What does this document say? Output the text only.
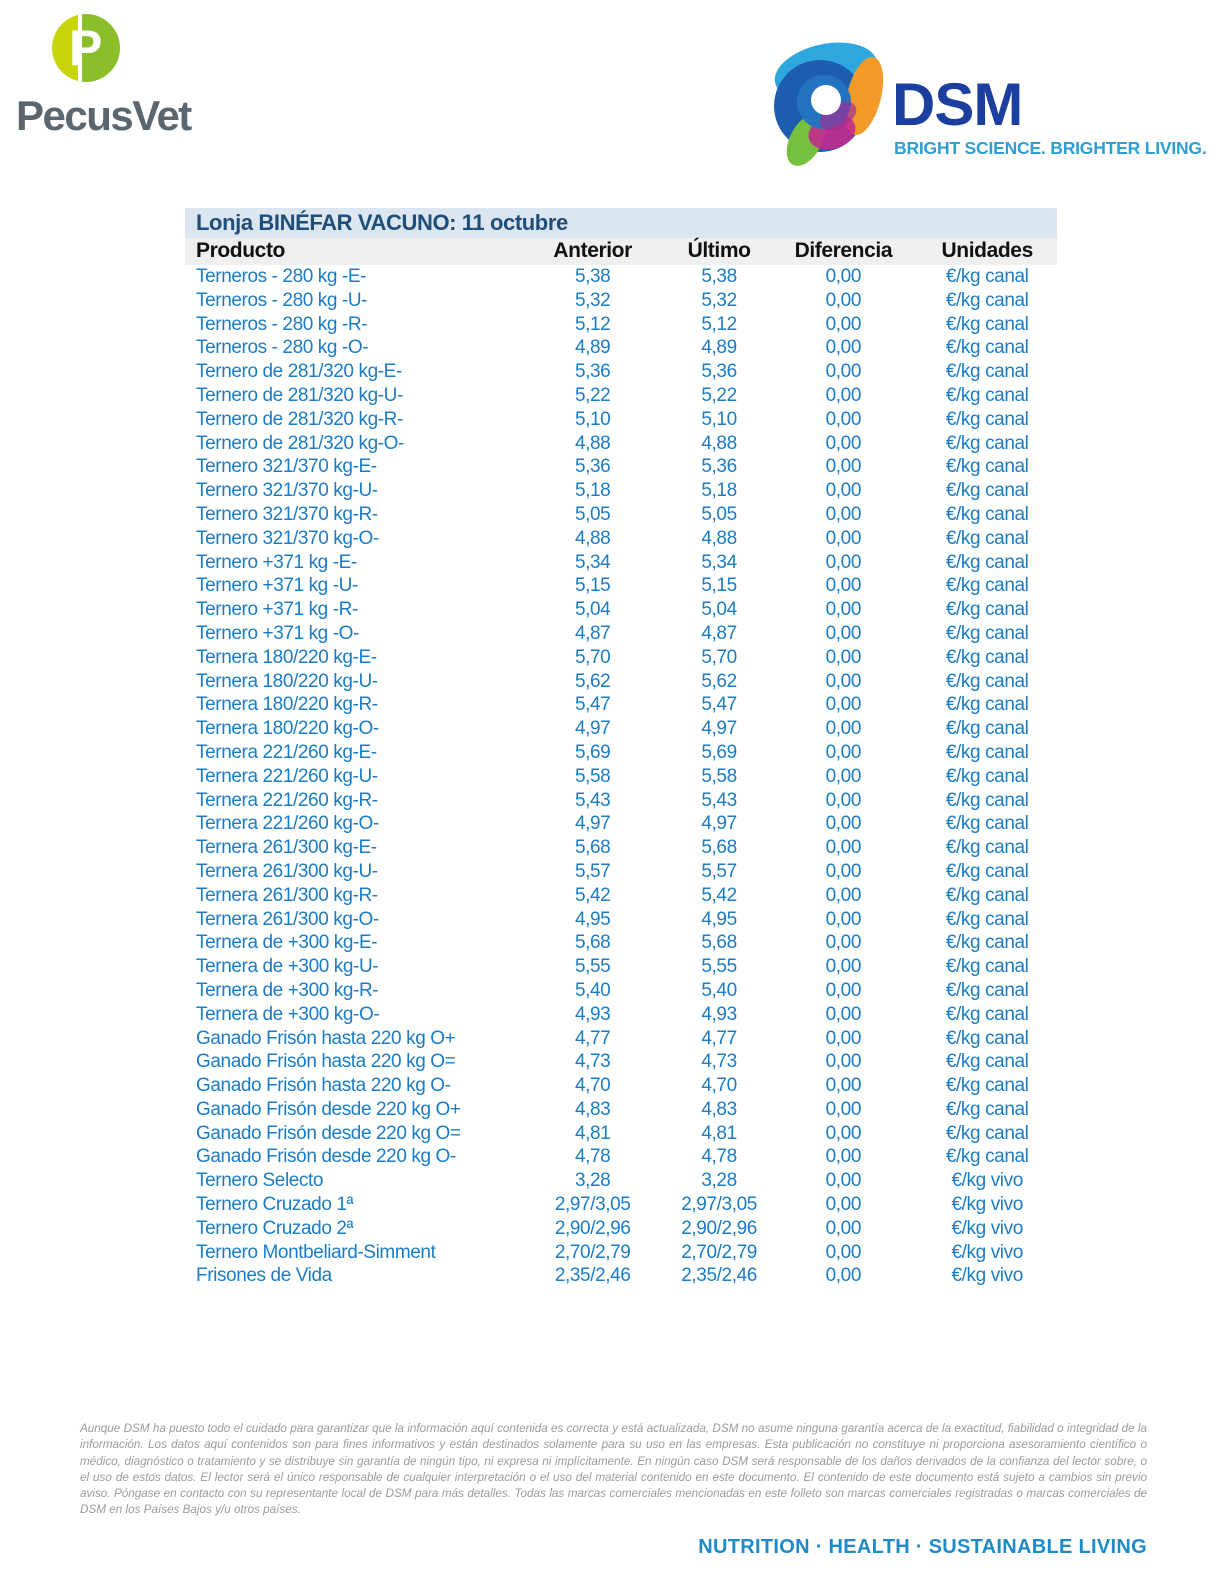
P
PecusVet	DSM
BRIGHT SCIENCE. BRIGHTER LIVING.
Lonja BINÉFAR VACUNO: 11 octubre
Producto	Anterior	Último	Diferencia	Unidades
Terneros - 280 kg -E-	5,38	5,38	0,00	€/kg canal
Terneros - 280 kg -U-	5,32	5,32	0,00	€/kg canal
Terneros - 280 kg -R-	5,12	5,12	0,00	€/kg canal
Terneros - 280 kg -O-	4,89	4,89	0,00	€/kg canal
Ternero de 281/320 kg-E-	5,36	5,36	0,00	€/kg canal
Ternero de 281/320 kg-U-	5,22	5,22	0,00	€/kg canal
Ternero de 281/320 kg-R-	5,10	5,10	0,00	€/kg canal
Ternero de 281/320 kg-O-	4,88	4,88	0,00	€/kg canal
Ternero 321/370 kg-E-	5,36	5,36	0,00	€/kg canal
Ternero 321/370 kg-U-	5,18	5,18	0,00	€/kg canal
Ternero 321/370 kg-R-	5,05	5,05	0,00	€/kg canal
Ternero 321/370 kg-O-	4,88	4,88	0,00	€/kg canal
Ternero +371 kg -E-	5,34	5,34	0,00	€/kg canal
Ternero +371 kg -U-	5,15	5,15	0,00	€/kg canal
Ternero +371 kg -R-	5,04	5,04	0,00	€/kg canal
Ternero +371 kg -O-	4,87	4,87	0,00	€/kg canal
Ternera 180/220 kg-E-	5,70	5,70	0,00	€/kg canal
Ternera 180/220 kg-U-	5,62	5,62	0,00	€/kg canal
Ternera 180/220 kg-R-	5,47	5,47	0,00	€/kg canal
Ternera 180/220 kg-O-	4,97	4,97	0,00	€/kg canal
Ternera 221/260 kg-E-	5,69	5,69	0,00	€/kg canal
Ternera 221/260 kg-U-	5,58	5,58	0,00	€/kg canal
Ternera 221/260 kg-R-	5,43	5,43	0,00	€/kg canal
Ternera 221/260 kg-O-	4,97	4,97	0,00	€/kg canal
Ternera 261/300 kg-E-	5,68	5,68	0,00	€/kg canal
Ternera 261/300 kg-U-	5,57	5,57	0,00	€/kg canal
Ternera 261/300 kg-R-	5,42	5,42	0,00	€/kg canal
Ternera 261/300 kg-O-	4,95	4,95	0,00	€/kg canal
Ternera de +300 kg-E-	5,68	5,68	0,00	€/kg canal
Ternera de +300 kg-U-	5,55	5,55	0,00	€/kg canal
Ternera de +300 kg-R-	5,40	5,40	0,00	€/kg canal
Ternera de +300 kg-O-	4,93	4,93	0,00	€/kg canal
Ganado Frisón hasta 220 kg O+	4,77	4,77	0,00	€/kg canal
Ganado Frisón hasta 220 kg O=	4,73	4,73	0,00	€/kg canal
Ganado Frisón hasta 220 kg O-	4,70	4,70	0,00	€/kg canal
Ganado Frisón desde 220 kg O+	4,83	4,83	0,00	€/kg canal
Ganado Frisón desde 220 kg O=	4,81	4,81	0,00	€/kg canal
Ganado Frisón desde 220 kg O-	4,78	4,78	0,00	€/kg canal
Ternero Selecto	3,28	3,28	0,00	€/kg vivo
Ternero Cruzado 1ª	2,97/3,05	2,97/3,05	0,00	€/kg vivo
Ternero Cruzado 2ª	2,90/2,96	2,90/2,96	0,00	€/kg vivo
Ternero Montbeliard-Simment	2,70/2,79	2,70/2,79	0,00	€/kg vivo
Frisones de Vida	2,35/2,46	2,35/2,46	0,00	€/kg vivo
Aunque DSM ha puesto todo el cuidado para garantizar que la información aquí contenida es correcta y está actualizada, DSM no asume ninguna garantía acerca de la exactitud, fiabilidad o integridad de la información. Los datos aquí contenidos son para fines informativos y están destinados solamente para su uso en las empresas. Esta publicación no constituye ni proporciona asesoramiento científico o médico, diagnóstico o tratamiento y se distribuye sin garantía de ningún tipo, ni expresa ni implícitamente. En ningún caso DSM será responsable de los daños derivados de la confianza del lector sobre, o el uso de estos datos. El lector será el único responsable de cualquier interpretación o el uso del material contenido en este documento. El contenido de este documento está sujeto a cambios sin previo aviso. Póngase en contacto con su representante local de DSM para más detalles. Todas las marcas comerciales mencionadas en este folleto son marcas comerciales registradas o marcas comerciales de DSM en los Países Bajos y/u otros países.
NUTRITION · HEALTH · SUSTAINABLE LIVING
